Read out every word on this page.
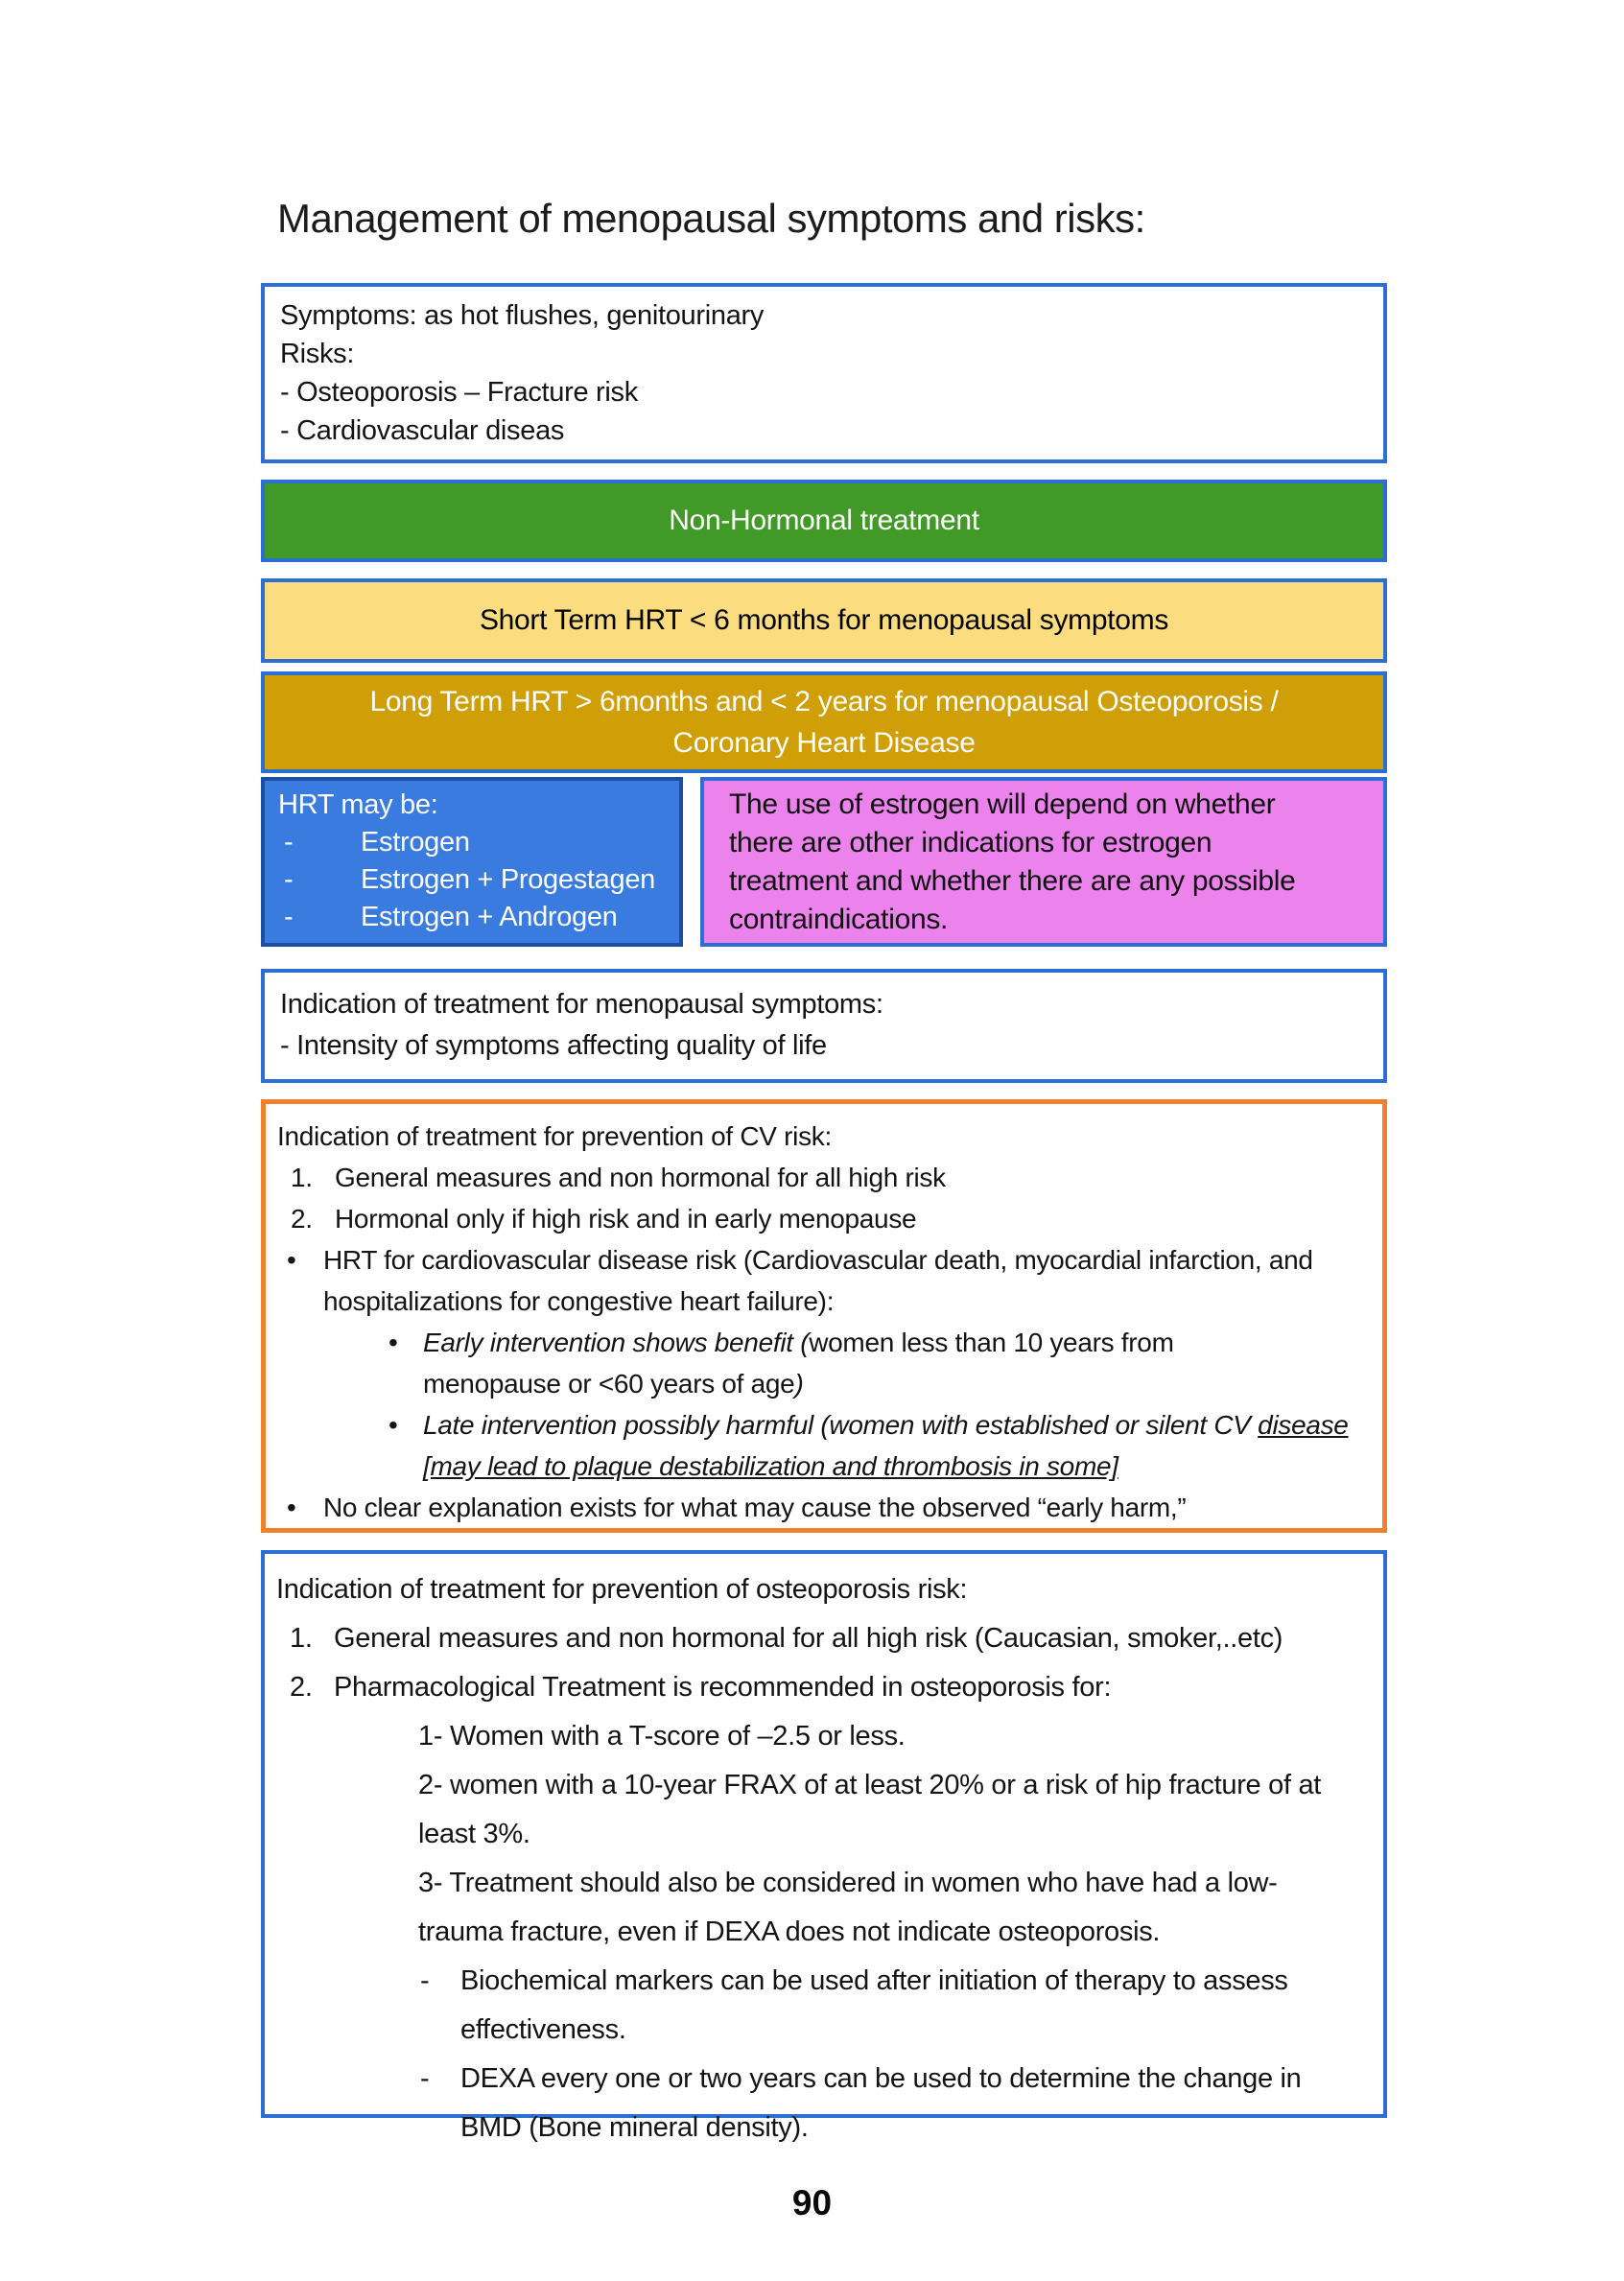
Management of menopausal symptoms and risks:
Symptoms: as hot flushes, genitourinary
Risks:
- Osteoporosis – Fracture risk
- Cardiovascular diseas
Non-Hormonal treatment
Short Term HRT < 6 months for menopausal symptoms
Long Term HRT > 6months and < 2 years for menopausal Osteoporosis /
Coronary Heart Disease
HRT may be:
- Estrogen
- Estrogen + Progestagen
- Estrogen + Androgen
The use of estrogen will depend on whether there are other indications for estrogen treatment and whether there are any possible contraindications.
Indication of treatment for menopausal symptoms:
- Intensity of symptoms affecting quality of life
Indication of treatment for prevention of CV risk:
1. General measures and non hormonal for all high risk
2. Hormonal only if high risk and in early menopause
• HRT for cardiovascular disease risk (Cardiovascular death, myocardial infarction, and hospitalizations for congestive heart failure):
• Early intervention shows benefit (women less than 10 years from menopause or <60 years of age)
• Late intervention possibly harmful (women with established or silent CV disease [may lead to plaque destabilization and thrombosis in some]
• No clear explanation exists for what may cause the observed “early harm,”
Indication of treatment for prevention of osteoporosis risk:
1. General measures and non hormonal for all high risk (Caucasian, smoker,..etc)
2. Pharmacological Treatment is recommended in osteoporosis for:
1- Women with a T-score of –2.5 or less.
2- women with a 10-year FRAX of at least 20% or a risk of hip fracture of at least 3%.
3- Treatment should also be considered in women who have had a low-trauma fracture, even if DEXA does not indicate osteoporosis.
- Biochemical markers can be used after initiation of therapy to assess effectiveness.
- DEXA every one or two years can be used to determine the change in BMD (Bone mineral density).
90
